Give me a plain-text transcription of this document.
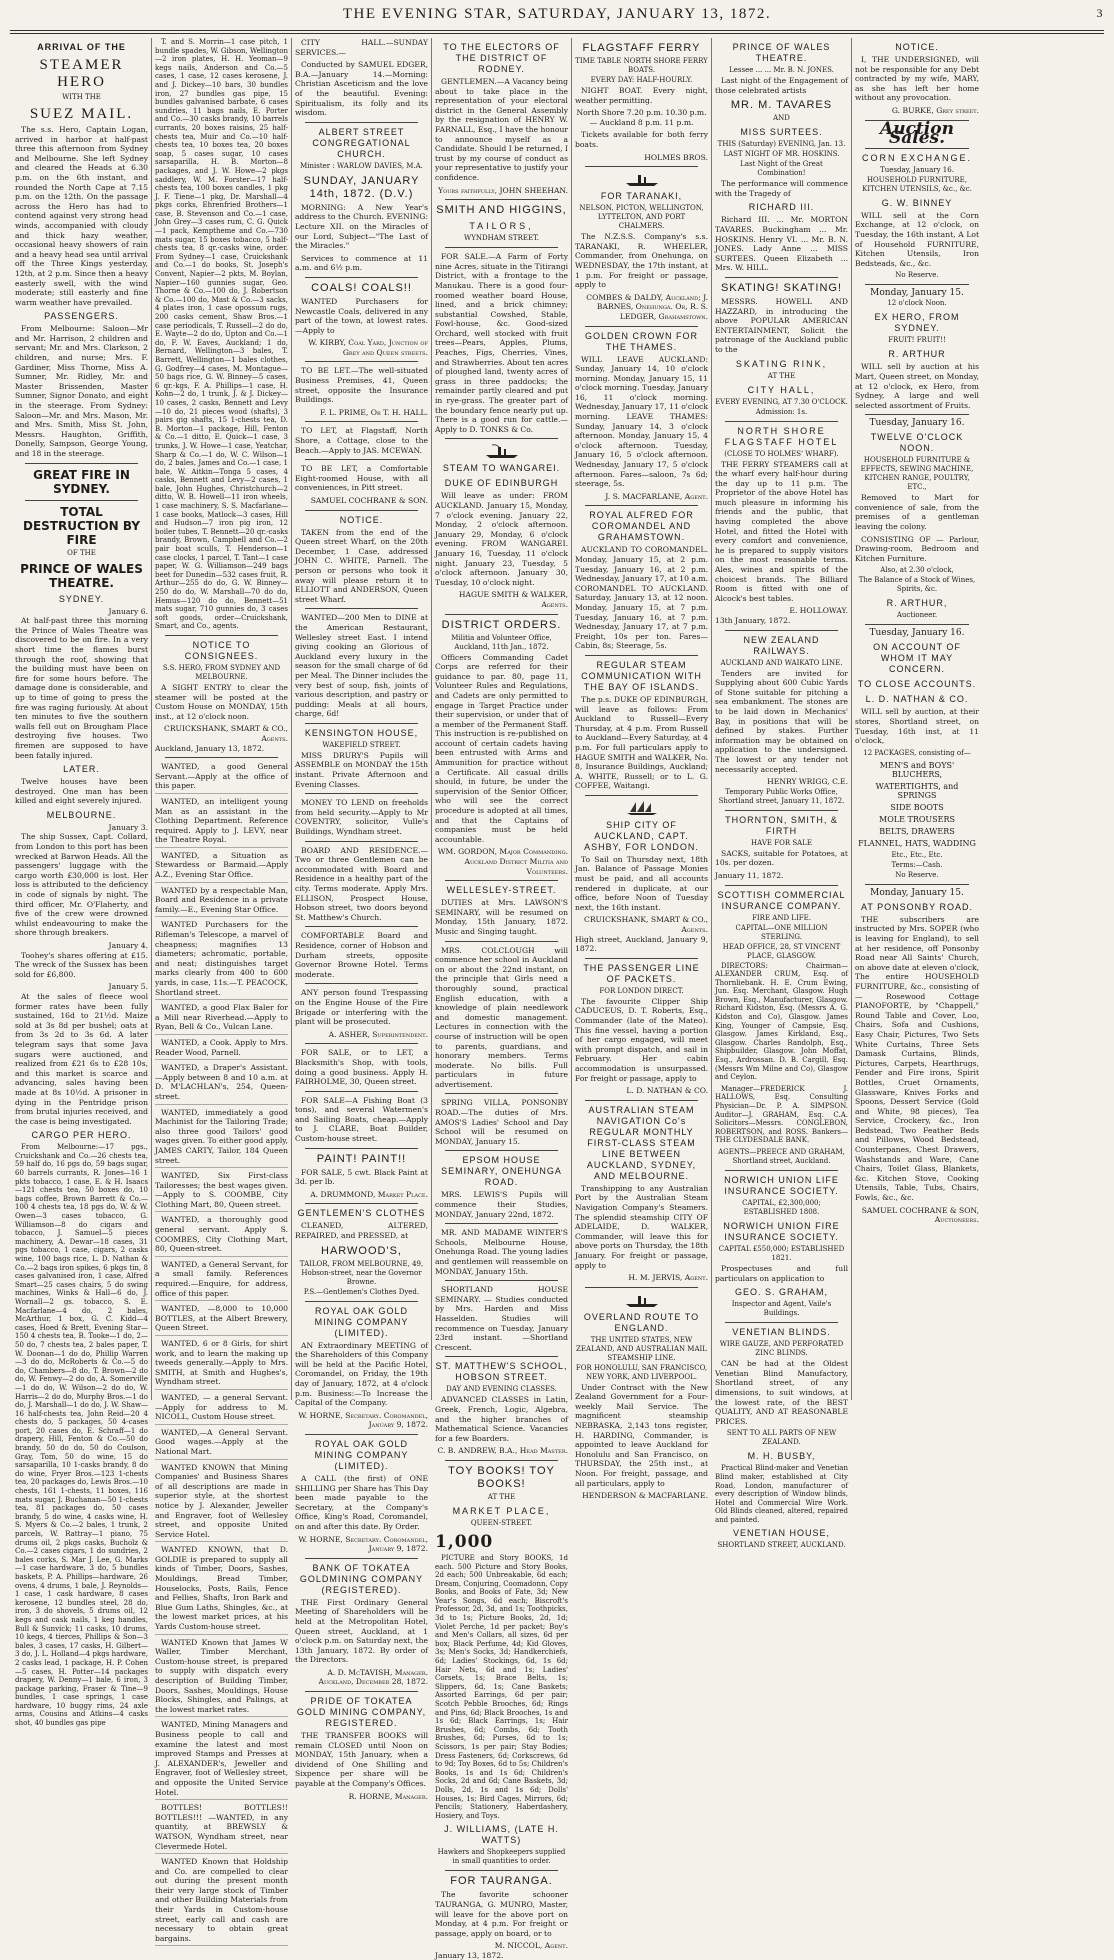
THE EVENING STAR, SATURDAY, JANUARY 13, 1872.	3
ARRIVAL OF THE
STEAMER HERO
WITH THE
SUEZ MAIL.

The s.s. Hero, Captain Logan, arrived in harbor at half-past three this afternoon from Sydney and Melbourne. She left Sydney and cleared the Heads at 6.30 p.m. on the 6th instant, and rounded the North Cape at 7.15 p.m. on the 12th. On the passage across the Hero has had to contend against very strong head winds, accompanied with cloudy and thick hazy weather, occasional heavy showers of rain and a heavy head sea until arrival off the Three Kings yesterday, 12th, at 2 p.m. Since then a heavy easterly swell, with the wind moderate; still easterly and fine warm weather have prevailed.

PASSENGERS.

From Melbourne: Saloon—Mr and Mr. Harrison, 2 children and servant; Mr. and Mrs. Clarkson, 2 children, and nurse; Mrs. F. Gardiner, Miss Thorne, Miss A. Sumner, Mr. Ridley, Mr. and Master Brissenden, Master Sumner, Signor Donato, and eight in the steerage. From Sydney: Saloon—Mr. and Mrs. Mason, Mr. and Mrs. Smith, Miss St. John, Messrs. Haughton, Griffith, Donelly, Sampson, George Young, and 18 in the steerage.

GREAT FIRE IN SYDNEY.
TOTAL DESTRUCTION BY FIRE
OF THE
PRINCE OF WALES THEATRE.
SYDNEY.
January 6.

At half-past three this morning the Prince of Wales Theatre was discovered to be on fire. In a very short time the flames burst through the roof, showing that the building must have been on fire for some hours before. The damage done is considerable, and up to time of going to press the fire was raging furiously. At about ten minutes to five the southern walls fell out on Brougham Place destroying five houses. Two firemen are supposed to have been fatally injured.

LATER.

Twelve houses have been destroyed. One man has been killed and eight severely injured.

MELBOURNE.
January 3.

The ship Sussex, Capt. Collard, from London to this port has been wrecked at Barwon Heads. All the passengers' luggage with the cargo worth £30,000 is lost. Her loss is attributed to the deficiency in code of signals by night. The third officer, Mr. O'Flaherty, and five of the crew were drowned whilst endeavouring to make the shore through breakers.

January 4.

Toohey's shares offering at £15. The wreck of the Sussex has been sold for £6,800.

January 5.

At the sales of fleece wool former rates have been fully sustained, 16d to 21½d. Maize sold at 3s 8d per bushel; oats at from 3s 2d to 3s 6d. A later telegram says that some Java sugars were auctioned, and realized from £21 6s to £28 10s, and this market is scarce and advancing, sales having been made at 8s 10½d. A prisoner in dying in the Pentridge prison from brutal injuries received, and the case is being investigated.

CARGO PER HERO.

From Melbourne:—17 pgs., Cruickshank and Co.—26 chests tea, 59 half do, 16 pgs do, 59 bags sugar, 60 barrels currants, R. Jones—16 1 pkts tobacco, 1 case, E. & H. Isaacs—121 chests tea, 50 boxes do, 10 bags coffee, Brown Barrett & Co.—100 4 chests tea, 18 pgs do, W. & W. Owen—3 cases tobacco, G. Williamson—8 do cigars and tobacco, J. Samuel—5 pieces machinery, A. Dewar—18 cases, 31 pgs tobacco, 1 case, cigars, 2 casks wine, 100 bags rice, L. D. Nathan & Co.—2 bags iron spikes, 6 pkgs tin, 8 cases galvanised iron, 1 case, Alfred Smart—25 cases chairs, 5 do swing machines, Winks & Hall—6 do, J. Wornall—2 gs. tobacco, S. E. Macfarlane—4 do, 2 bales, McArthur, 1 box, G. C. Kidd—4 cases, Hoed & Brett, Evening Star—150 4 chests tea, B. Tooke—1 do, 2—50 do, 7 chests tea, 2 bales paper, T. W. Doonan—1 do do, Phillip Warren—3 do do, McRoberts & Co.—5 do do, Chambers—8 do, T. Brown—2 do do, W. Fenwy—2 do do, A. Somerville—1 do do, W. Wilson—2 do do, W. Harris—2 do do, Murphy Bros.—1 do do, J. Marshall—1 do do, J. W. Shaw—16 half-chests tea, John Reid—20 4 chests do, 5 packages, 50 4-cases port, 20 cases do, E. Schraff—1 do drapery, Hill, Fenton & Co.—50 do brandy, 50 do do, 50 do Coulson, Gray, Tom, 50 do wine, 15 do sarsaparilla, 10 1-casks brandy, 8 do do wine, Fryer Bros.—123 1-chests tea, 20 packages do, Lewis Bros.—10 chests, 161 1-chests, 11 boxes, 116 mats sugar, J. Buchanan—50 1-chests tea, 81 packages do, 50 cases brandy, 5 do wine, 4 casks wine, H. S. Myers & Co.—2 bales, 1 trunk, 2 parcels, W. Rattray—1 piano, 75 drums oil, 2 pkgs casks, Bucholz & Co.—2 cases cigars, 1 do sundries, 2 bales corks, S. Mar J. Lee, G. Marks—1 case hardware, 3 do, 5 bundles baskets, P. A. Phillips—hardware, 26 ovens, 4 drums, 1 bale, J. Reynolds—1 case, 1 cask hardware, 8 cases kerosene, 12 bundles steel, 28 do, iron, 3 do shovels, 5 drums oil, 12 kegs and cask nails, 1 keg handles, Bull & Sunvick; 11 casks, 10 drums, 10 kegs, 4 tierces, Phillips & Son—3 bales, 3 cases, 17 casks, H. Gilbert—3 do, J. L. Holland—4 pkgs hardware, 2 casks lead, 1 package, H. P. Cohen—5 cases, H. Potter—14 packages drapery, W. Denny—1 bale, 6 iron, 3 package parking, Fraser & Tine—9 bundles, 1 case springs, 1 case hardware, 10 buggy rims, 24 axle arms, Cousins and Atkins—4 casks shot, 40 bundles gas pipe

T. and S. Morrin—1 case pitch, 1 bundle spades, W. Gibson, Wellington—2 iron plates, H. H. Yeoman—9 kegs nails, Anderson and Co.—5 cases, 1 case, 12 cases kerosene, J. and J. Dickey—10 bars, 30 bundles iron, 27 bundles gas pipe, 15 bundles galvanised barbate, 6 cases sundries, 11 bags nails, E. Porter and Co.—30 casks brandy, 10 barrels currants, 20 boxes raisins, 25 half-chests tea, Muir and Co.—10 half-chests tea, 10 boxes tea, 20 boxes soap, 5 cases sugar, 10 cases sarsaparilla, H. B. Morton—8 packages, and J. W. Howe—2 pkgs saddlery, W. M. Forster—17 half-chests tea, 100 boxes candles, 1 pkg J. F. Tiene—1 pkg, Dr. Marshall—4 pkgs corks, Ehrenfried Brothers—1 case, B. Stevenson and Co.—1 case, John Grey—3 cases rum, C. G. Quick—1 pack, Kemptheme and Co.—730 mats sugar, 15 boxes tobacco, 5 half-chests tea, 8 qr.-casks wine, order. From Sydney—1 case, Cruickshank and Co.—1 do books, St. Joseph's Convent, Napier—2 pkts, M. Boylan, Napier—160 gunnies sugar, Geo. Thorne & Co.—100 do, J. Robertson & Co.—100 do, Mast & Co.—3 sacks, 4 plates iron, 1 case opossum rugs, 200 casks cement, Shaw Bros.—1 case periodicals, T. Russell—2 do do, E. Wayte—2 do do, Upton and Co.—1 do, F. W. Eaves, Auckland; 1 do, Bernard, Wellington—3 bales, T. Barrett, Wellington—1 bales clothes, G. Godfrey—4 cases, M. Montague—50 bags rice, G. W. Binney—5 cases, 6 qr.-kgs, F. A. Phillips—1 case, H. Kohn—2 do, 1 trunk, J. & J. Dickey—10 cases, 2 casks, Bennett and Levy—10 do, 21 pieces wood (shafts), 3 pairs gig shafts, 15 1-chests tea, D. B. Morton—1 package, Hill, Fenton & Co.—1 ditto, E. Quick—1 case, 3 trunks, J. W. Howe—1 case, Yeatchar, Sharp & Co.—1 do, W. C. Wilson—1 do, 2 bales, James and Co.—1 case, 1 bale, W. Aitkin—Tonga 5 cases, 4 casks, Bennett and Levy—2 cases, 1 bale, John Hughes, Christchurch—2 ditto, W. B. Howell—11 iron wheels, 1 case machinery, S. S. Macfarlane—1 case books, Matlock—3 cases, Hill and Hudson—7 iron pig iron, 12 boiler tubes, T. Bennett—20 qr.-casks brandy, Brown, Campbell and Co.—2 pair boat sculls, T. Henderson—1 case clocks, 1 parcel, T. Tant—1 case paper, W. G. Williamson—249 bags beet for Dunedin—532 cases fruit, R. Arthur—255 do do, G. W. Binney—250 do do, W. Marshall—70 do do, Hemus—120 do do, Bennett—51 mats sugar, 710 gunnies do, 3 cases soft goods, order—Cruickshank, Smart, and Co., agents.

NOTICE TO CONSIGNEES.
S.S. HERO, FROM SYDNEY AND MELBOURNE.

A SIGHT ENTRY to clear the steamer will be posted at the Custom House on MONDAY, 15th inst., at 12 o'clock noon.

CRUICKSHANK, SMART & CO., Agents.
Auckland, January 13, 1872.

WANTED, a good General Servant.—Apply at the office of this paper.

WANTED, an intelligent young Man as an assistant in the Clothing Department. Reference required. Apply to J. LEVY, near the Theatre Royal.

WANTED, a Situation as Stewardess or Barmaid.—Apply A.Z., Evening Star Office.

WANTED by a respectable Man, Board and Residence in a private family.—E., Evening Star Office.

WANTED Purchasers for the Rifleman's Telescope, a marvel of cheapness; magnifies 13 diameters; achromatic, portable, and neat; distinguishes target marks clearly from 400 to 600 yards, in case, 11s.—T. PEACOCK, Shortland street.

WANTED, a good Flax Baler for a Mill near Riverhead.—Apply to Ryan, Bell & Co., Vulcan Lane.

WANTED, a Cook. Apply to Mrs. Reader Wood, Parnell.

WANTED, a Draper's Assistant.—Apply between 8 and 10 a.m. at D. M'LACHLAN's, 254, Queen-street.

WANTED, immediately a good Machinist for the Tailoring Trade; also three good Tailors' good wages given. To either good apply, JAMES CARTY, Tailor, 184 Queen street.

WANTED, Six First-class Tailoresses; the best wages given.—Apply to S. COOMBE, City Clothing Mart, 80, Queen street.

WANTED, a thoroughly good general servant. Apply S. COOMBES, City Clothing Mart, 80, Queen-street.

WANTED, a General Servant, for a small family. References required.—Enquire, for address, office of this paper.

WANTED, —8,000 to 10,000 BOTTLES, at the Albert Brewery, Queen Street.

WANTED, 6 or 8 Girls, for shirt work, and to learn the making up tweeds generally.—Apply to Mrs. SMITH, at Smith and Hughes's, Wyndham street.

WANTED, — a general Servant.—Apply for address to M. NICOLL, Custom House street.

WANTED,—A General Servant. Good wages.—Apply at the National Mart.

WANTED KNOWN that Mining Companies' and Business Shares of all descriptions are made in superior style, at the shortest notice by J. Alexander, Jeweller and Engraver, foot of Wellesley street, and opposite United Service Hotel.

WANTED KNOWN, that D. GOLDIE is prepared to supply all kinds of Timber, Doors, Sashes, Mouldings, Bread Timber, Houselocks, Posts, Rails, Fence and Fellies, Shafts, Iron Bark and Blue Gum Laths, Shingles, &c., at the lowest market prices, at his Yards Custom-house street.

WANTED Known that James W Waller, Timber Merchant, Custom-house street, is prepared to supply with dispatch every description of Building Timber, Doors, Sashes, Mouldings, House Blocks, Shingles, and Palings, at the lowest market rates.

WANTED, Mining Managers and Business people to call and examine the latest and most improved Stamps and Presses at J. ALEXANDER's, Jeweller and Engraver, foot of Wellesley street, and opposite the United Service Hotel.

BOTTLES! BOTTLES!! BOTTLES!!! —WANTED, in any quantity, at BREWSLY & WATSON, Wyndham street, near Clevermede Hotel.

WANTED Known that Holdship and Co. are compelled to clear out during the present month their very large stock of Timber and other Building Materials from their Yards in Custom-house street, early call and cash are necessary to obtain great bargains.

CITY HALL.—SUNDAY SERVICES.—

Conducted by SAMUEL EDGER, B.A.—January 14.—Morning: Christian Asceticism and the love of the beautiful. Evening: Spiritualism, its folly and its wisdom.

ALBERT STREET CONGREGATIONAL CHURCH.
Minister : WARLOW DAVIES, M.A.
SUNDAY, JANUARY 14th, 1872. (D.V.)

MORNING: A New Year's address to the Church. EVENING: Lecture XII. on the Miracles of our Lord, Subject—"The Last of the Miracles."

Services to commence at 11 a.m. and 6½ p.m.

COALS! COALS!!

WANTED Purchasers for Newcastle Coals, delivered in any part of the town, at lowest rates.—Apply to

W. KIRBY, Coal Yard, Junction of Grey and Queen streets.

TO BE LET.—The well-situated Business Premises, 41, Queen street, opposite the Insurance Buildings.

F. L. PRIME, Or T. H. HALL.

TO LET, at Flagstaff, North Shore, a Cottage, close to the Beach.—Apply to JAS. MCEWAN.

TO BE LET, a Comfortable Eight-roomed House, with all conveniences, in Pitt street.

SAMUEL COCHRANE & SON.
NOTICE.

TAKEN from the end of the Queen street Wharf, on the 20th December, 1 Case, addressed JOHN C. WHITE, Parnell. The person or persons who took it away will please return it to ELLIOTT and ANDERSON, Queen street Wharf.

WANTED—200 Men to DINE at the American Restaurant, Wellesley street East. I intend giving cooking an Glorious of Auckland every luxury in the season for the small charge of 6d per Meal. The Dinner includes the very best of soup, fish, joints of various description, and pastry or pudding: Meals at all hours, charge, 6d!

KENSINGTON HOUSE,
WAKEFIELD STREET.

MISS DRURY'S Pupils will ASSEMBLE on MONDAY the 15th instant. Private Afternoon and Evening Classes.

MONEY TO LEND on freeholds from held security.—Apply to Mr COVENTRY, solicitor, Vulle's Buildings, Wyndham street.

BOARD AND RESIDENCE.—Two or three Gentlemen can be accommodated with Board and Residence in a healthy part of the city. Terms moderate. Apply Mrs. ELLISON, Prospect House, Hobson street, two doors beyond St. Matthew's Church.

COMFORTABLE Board and Residence, corner of Hobson and Durham streets, opposite Governor Browne Hotel. Terms moderate.

ANY person found Trespassing on the Engine House of the Fire Brigade or interfering with the plant will be prosecuted.

A. ASHER, Superintendent.

FOR SALE, or to LET, a Blacksmith's Shop, with tools, doing a good business. Apply H. FAIRHOLME, 30, Queen street.

FOR SALE—A Fishing Boat (3 tons), and several Watermen's and Sailing Boats, cheap.—Apply to J. CLARE, Boat Builder, Custom-house street.

PAINT! PAINT!!

FOR SALE, 5 cwt. Black Paint at 3d. per lb.

A. DRUMMOND, Market Place.
GENTLEMEN'S CLOTHES

CLEANED, ALTERED, REPAIRED, and PRESSED, at

HARWOOD'S,
TAILOR, FROM MELBOURNE, 49, Hobson-street, near the Governor Browne.
P.S.—Gentlemen's Clothes Dyed.
ROYAL OAK GOLD MINING COMPANY (LIMITED).

AN Extraordinary MEETING of the Shareholders of this Company will be held at the Pacific Hotel, Coromandel, on Friday, the 19th day of January, 1872, at 4 o'clock p.m. Business:—To Increase the Capital of the Company.

W. HORNE, Secretary. Coromandel, January 9, 1872.
ROYAL OAK GOLD MINING COMPANY (LIMITED).

A CALL (the first) of ONE SHILLING per Share has This Day been made payable to the Secretary, at the Company's Office, King's Road, Coromandel, on and after this date. By Order.

W. HORNE, Secretary. Coromandel, January 9, 1872.
BANK OF TOKATEA GOLDMINING COMPANY (REGISTERED).

THE First Ordinary General Meeting of Shareholders will be held at the Metropolitan Hotel, Queen street, Auckland, at 1 o'clock p.m. on Saturday next, the 13th January, 1872. By order of the Directors.

A. D. McTAVISH, Manager. Auckland, December 28, 1872.
PRIDE OF TOKATEA GOLD MINING COMPANY, REGISTERED.

THE TRANSFER BOOKS will remain CLOSED until Noon on MONDAY, 15th January, when a dividend of One Shilling and Sixpence per share will be payable at the Company's Offices.

R. HORNE, Manager.
TO THE ELECTORS OF THE DISTRICT OF RODNEY.

GENTLEMEN.—A Vacancy being about to take place in the representation of your electoral district in the General Assembly by the resignation of HENRY W. FARNALL, Esq., I have the honour to announce myself as a Candidate. Should I be returned, I trust by my course of conduct as your representative to justify your confidence.

Yours faithfully, JOHN SHEEHAN.
SMITH AND HIGGINS,
TAILORS,
WYNDHAM STREET.

FOR SALE.—A Farm of Forty nine Acres, situate in the Titirangi District, with a frontage to the Manukau. There is a good four-roomed weather board House, lined, and a brick chimney; substantial Cowshed, Stable, Fowl-house, &c. Good-sized Orchard, well stocked with fruit trees—Pears, Apples, Plums, Peaches, Figs, Cherries, Vines, and Strawberries. About ten acres of ploughed land, twenty acres of grass in three paddocks; the remainder partly cleared and put in rye-grass. The greater part of the boundary fence nearly put up. There is a good run for cattle.—Apply to D. TONKS & Co.

STEAM TO WANGAREI.
DUKE OF EDINBURGH

Will leave as under: FROM AUCKLAND. January 15, Monday, 7 o'clock evening. January 22, Monday, 2 o'clock afternoon. January 29, Monday, 6 o'clock evening. FROM WANGAREI. January 16, Tuesday, 11 o'clock night. January 23, Tuesday, 5 o'clock afternoon. January 30, Tuesday, 10 o'clock night.

HAGUE SMITH & WALKER, Agents.
DISTRICT ORDERS.
Militia and Volunteer Office, Auckland, 11th Jan., 1872.

Officers Commanding Cadet Corps are referred for their guidance to par. 80, page 11, Volunteer Rules and Regulations, and Cadets are only permitted to engage in Target Practice under their supervision, or under that of a member of the Permanent Staff. This instruction is re-published on account of certain cadets having been entrusted with Arms and Ammunition for practice without a Certificate. All casual drills should, in future, be under the supervision of the Senior Officer, who will see the correct procedure is adopted at all times, and that the Captains of companies must be held accountable.

WM. GORDON, Major Commanding. Auckland District Militia and Volunteers.
WELLESLEY-STREET.

DUTIES at Mrs. LAWSON'S SEMINARY, will be resumed on Monday, 15th January, 1872. Music and Singing taught.

MRS. COLCLOUGH will commence her school in Auckland on or about the 22nd instant, on the principle that Girls need a thoroughly sound, practical English education, with a knowledge of plain needlework and domestic management. Lectures in connection with the course of instruction will be open to parents, guardians, and honorary members. Terms moderate. No bills. Full particulars in future advertisement.

SPRING VILLA, PONSONBY ROAD.—The duties of Mrs. AMOS'S Ladies' School and Day School will be resumed on MONDAY, January 15.

EPSOM HOUSE SEMINARY, ONEHUNGA ROAD.

MRS. LEWIS'S Pupils will commence their Studies, MONDAY, January 22nd, 1872.

MR. AND MADAME WINTER'S Schools, Melbourne House, Onehunga Road. The young ladies and gentlemen will reassemble on MONDAY, January 15th.

SHORTLAND HOUSE SEMINARY. — Studies conducted by Mrs. Harden and Miss Hasselden. Studies will recommence on Tuesday, January 23rd instant. —Shortland Crescent.

ST. MATTHEW'S SCHOOL, HOBSON STREET.
DAY AND EVENING CLASSES.

ADVANCED CLASSES in Latin, Greek, French, Logic, Algebra, and the higher branches of Mathematical Science. Vacancies for a few Boarders.

C. B. ANDREW, B.A., Head Master.
TOY BOOKS! TOY BOOKS!
AT THE
MARKET PLACE,
QUEEN-STREET.
1,000

PICTURE and Story BOOKS, 1d each. 500 Picture and Story Books, 2d each; 500 Unbreakable, 6d each; Dream, Conjuring, Coomadonn, Copy Books, and Books of Fate, 3d; New Year's Songs, 6d each; Biscroft's Professor, 2d, 3d, and 1s; Toothpicks, 3d to 1s; Picture Books, 2d, 1d; Violet Perche, 1d per packet; Boy's and Men's Collars, all sizes, 6d per box; Black Perfume, 4d; Kid Gloves, 3s; Men's Socks, 3d; Handkerchiefs, 6d; Ladies' Stockings, 6d, 1s 6d; Hair Nets, 6d and 1s; Ladies' Corsets, 1s; Brace Belts, 1s; Slippers, 6d, 1s; Cane Baskets; Assorted Earrings, 6d per pair; Scotch Pebble Brooches, 6d; Rings and Pins, 6d; Black Brooches, 1s and 1s 6d; Black Earrings, 1s; Hair Brushes, 6d; Combs, 6d; Tooth Brushes, 6d; Purses, 6d to 1s; Scissors, 1s per pair; Stay Bodies; Dress Fasteners, 6d; Corkscrews, 6d to 9d; Toy Boxes, 6d to 5s; Children's Books, 1s and 1s 6d; Children's Socks, 2d and 6d; Cane Baskets, 3d; Dolls, 2d, 1s and 1s 6d; Dolls' Houses, 1s; Bird Cages, Mirrors, 6d; Pencils; Stationery, Haberdashery, Hosiery, and Toys.

J. WILLIAMS, (LATE H. WATTS)
Hawkers and Shopkeepers supplied in small quantities to order.
FOR TAURANGA.

The favorite schooner TAURANGA, G. MUNRO, Master, will leave for the above port on Monday, at 4 p.m. For freight or passage, apply on board, or to

M. NICCOL, Agent.
January 13, 1872.
FLAGSTAFF FERRY
TIME TABLE NORTH SHORE FERRY BOATS.
EVERY DAY: HALF-HOURLY.

NIGHT BOAT. Every night, weather permitting.

North Shore 7.20 p.m. 10.30 p.m. — Auckland 8 p.m. 11 p.m.

Tickets available for both ferry boats.

HOLMES BROS.
FOR TARANAKI,
NELSON, PICTON, WELLINGTON, LYTTELTON, AND PORT CHALMERS.

The N.Z.S.S. Company's s.s. TARANAKI, R. WHEELER, Commander, from Onehunga, on WEDNESDAY, the 17th instant, at 1 p.m. For freight or passage, apply to

COMBES & DALDY, Auckland; J. BARNES, Onehunga. Or, R. S. LEDGER, Grahamstown.
GOLDEN CROWN FOR THE THAMES.

WILL LEAVE AUCKLAND: Sunday, January 14, 10 o'clock morning. Monday, January 15, 11 o'clock morning. Tuesday, January 16, 11 o'clock morning. Wednesday, January 17, 11 o'clock morning. LEAVE THAMES: Sunday, January 14, 3 o'clock afternoon. Monday, January 15, 4 o'clock afternoon. Tuesday, January 16, 5 o'clock afternoon. Wednesday, January 17, 5 o'clock afternoon. Fares—saloon, 7s 6d; steerage, 5s.

J. S. MACFARLANE, Agent.
ROYAL ALFRED FOR COROMANDEL AND GRAHAMSTOWN.

AUCKLAND TO COROMANDEL. Monday, January 15, at 2 p.m. Tuesday, January 16, at 2 p.m. Wednesday, January 17, at 10 a.m. COROMANDEL TO AUCKLAND. Saturday, January 13, at 12 noon. Monday, January 15, at 7 p.m. Tuesday, January 16, at 7 p.m. Wednesday, January 17, at 7 p.m. Freight, 10s per ton. Fares—Cabin, 8s; Steerage, 5s.

REGULAR STEAM COMMUNICATION WITH THE BAY OF ISLANDS.

The p.s. DUKE OF EDINBURGH, will leave as follows: From Auckland to Russell—Every Thursday, at 4 p.m. From Russell to Auckland—Every Saturday, at 4 p.m. For full particulars apply to HAGUE SMITH and WALKER, No. 8, Insurance Buildings, Auckland; A. WHITE, Russell; or to L. G. COFFEE, Waitangi.

SHIP CITY OF AUCKLAND, CAPT. ASHBY, FOR LONDON.

To Sail on Thursday next, 18th Jan. Balance of Passage Monies must be paid, and all accounts rendered in duplicate, at our office, before Noon of Tuesday next, the 16th instant.

CRUICKSHANK, SMART & CO., Agents.
High street, Auckland, January 9, 1872.
THE PASSENGER LINE OF PACKETS.
FOR LONDON DIRECT.

The favourite Clipper Ship CADUCEUS, D. T. Roberts, Esq., Commander (late of the Mateo). This fine vessel, having a portion of her cargo engaged, will meet with prompt dispatch, and sail in February. Her cabin accommodation is unsurpassed. For freight or passage, apply to

L. D. NATHAN & CO.
AUSTRALIAN STEAM NAVIGATION Co's REGULAR MONTHLY FIRST-CLASS STEAM LINE BETWEEN AUCKLAND, SYDNEY, AND MELBOURNE.

Transhipping to any Australian Port by the Australian Steam Navigation Company's Steamers. The splendid steamship CITY OF ADELAIDE, D. WALKER, Commander, will leave this for above ports on Thursday, the 18th January. For freight or passage, apply to

H. M. JERVIS, Agent.
OVERLAND ROUTE TO ENGLAND.
THE UNITED STATES, NEW ZEALAND, AND AUSTRALIAN MAIL STEAMSHIP LINE.
FOR HONOLULU, SAN FRANCISCO, NEW YORK, AND LIVERPOOL.

Under Contract with the New Zealand Government for a Four-weekly Mail Service. The magnificent steamship NEBRASKA, 2,143 tons register, H. HARDING, Commander, is appointed to leave Auckland for Honolulu and San Francisco, on THURSDAY, the 25th inst., at Noon. For freight, passage, and all particulars, apply to

HENDERSON & MACFARLANE.
PRINCE OF WALES THEATRE.
Lessee ... ... Mr. B. N. JONES.

Last night of the Engagement of those celebrated artists

MR. M. TAVARES
AND
MISS SURTEES.
THIS (Saturday) EVENING, Jan. 13.
LAST NIGHT OF MR. HOSKINS.
Last Night of the Great Combination!

The performance will commence with the Tragedy of

RICHARD III.

Richard III. ... Mr. MORTON TAVARES. Buckingham ... Mr. HOSKINS. Henry VI. ... Mr. B. N. JONES. Lady Anne ... MISS SURTEES. Queen Elizabeth ... Mrs. W. HILL.

SKATING! SKATING!

MESSRS. HOWELL AND HAZZARD, in introducing the above POPULAR AMERICAN ENTERTAINMENT, Solicit the patronage of the Auckland public to the

SKATING RINK,
AT THE
CITY HALL,
EVERY EVENING, AT 7.30 O'CLOCK.
Admission: 1s.
NORTH SHORE FLAGSTAFF HOTEL
(CLOSE TO HOLMES' WHARF).

THE FERRY STEAMERS call at the wharf every half-hour during the day up to 11 p.m. The Proprietor of the above Hotel has much pleasure in informing his friends and the public, that having completed the above Hotel, and fitted the Hotel with every comfort and convenience, he is prepared to supply visitors on the most reasonable terms. Ales, wines and spirits of the choicest brands. The Billiard Room is fitted with one of Alcock's best tables.

E. HOLLOWAY.
13th January, 1872.
NEW ZEALAND RAILWAYS.
AUCKLAND AND WAIKATO LINE.

Tenders are invited for Supplying about 600 Cubic Yards of Stone suitable for pitching a sea embankment. The stones are to be laid down in Mechanics' Bay, in positions that will be defined by stakes. Further information may be obtained on application to the undersigned. The lowest or any tender not necessarily accepted.

HENRY WRIGG, C.E.
Temporary Public Works Office, Shortland street, January 11, 1872.
THORNTON, SMITH, & FIRTH
HAVE FOR SALE

SACKS, suitable for Potatoes, at 10s. per dozen.

January 11, 1872.
SCOTTISH COMMERCIAL INSURANCE COMPANY.
FIRE AND LIFE.
CAPITAL—ONE MILLION STERLING.
HEAD OFFICE, 28, ST VINCENT PLACE, GLASGOW.

DIRECTORS: Chairman—ALEXANDER CRUM, Esq. of Thornliebank. H. E. Crum Ewing, Jun. Esq. Merchant, Glasgow. Hugh Brown, Esq., Manufacturer, Glasgow. Richard Kidston, Esq. (Messrs A. G. Kidston and Co), Glasgow. James King, Younger of Campsie, Esq. Glasgow. James Kirkland, Esq., Glasgow. Charles Randolph, Esq., Shipbuilder, Glasgow. John Moffat, Esq., Ardrossan. D. B. Cargill, Esq. (Messrs Wm Milne and Co), Glasgow and Ceylon.

Manager—FREDERICK J. HALLOWS, Esq. Consulting Physician—Dr. P. A. SIMPSON. Auditor—J. GRAHAM, Esq. C.A. Solicitors—Messrs. CONGLEBON, ROBERTSON, and ROSS. Bankers—THE CLYDESDALE BANK.

AGENTS—PREECE AND GRAHAM, Shortland street, Auckland.
NORWICH UNION LIFE INSURANCE SOCIETY.
CAPITAL, £2,300,000; ESTABLISHED 1808.
NORWICH UNION FIRE INSURANCE SOCIETY.
CAPITAL £550,000; ESTABLISHED 1821.

Prospectuses and full particulars on application to

GEO. S. GRAHAM,
Inspector and Agent, Vaile's Buildings.
VENETIAN BLINDS.
WIRE GAUZE, AND PERFORATED ZINC BLINDS.

CAN be had at the Oldest Venetian Blind Manufactory, Shortland street, of any dimensions, to suit windows, at the lowest rate, of the BEST QUALITY, AND AT REASONABLE PRICES.

SENT TO ALL PARTS OF NEW ZEALAND.
M. H. BUSBY,

Practical Blind-maker and Venetian Blind maker, established at City Road, London, manufacturer of every description of Window blinds, Hotel and Commercial Wire Work. Old Blinds cleaned, altered, repaired and painted.

VENETIAN HOUSE,
SHORTLAND STREET, AUCKLAND.
NOTICE.

I, THE UNDERSIGNED, will not be responsible for any Debt contracted by my wife, MARY, as she has left her home without any provocation.

G. BURKE, Grey street.
Auction Sales.
CORN EXCHANGE.
Tuesday, January 16.
HOUSEHOLD FURNITURE, KITCHEN UTENSILS, &c., &c.
G. W. BINNEY

WILL sell at the Corn Exchange, at 12 o'clock, on Tuesday, the 16th instant, A Lot of Household FURNITURE, Kitchen Utensils, Iron Bedsteads, &c., &c.

No Reserve.
Monday, January 15.
12 o'clock Noon.
EX HERO, FROM SYDNEY.
FRUIT! FRUIT!!
R. ARTHUR

WILL sell by auction at his Mart, Queen street, on Monday, at 12 o'clock, ex Hero, from Sydney, A large and well selected assortment of Fruits.

Tuesday, January 16.
TWELVE O'CLOCK NOON.
HOUSEHOLD FURNITURE & EFFECTS, SEWING MACHINE, KITCHEN RANGE, POULTRY, ETC.,

Removed to Mart for convenience of sale, from the premises of a gentleman leaving the colony.

CONSISTING OF — Parlour, Drawing-room, Bedroom and Kitchen Furniture.

Also, at 2.30 o'clock,
The Balance of a Stock of Wines, Spirits, &c.
R. ARTHUR,
Auctioneer.
Tuesday, January 16.
ON ACCOUNT OF WHOM IT MAY CONCERN.
TO CLOSE ACCOUNTS.
L. D. NATHAN & CO.

WILL sell by auction, at their stores, Shortland street, on Tuesday, 16th inst, at 11 o'clock,

12 PACKAGES, consisting of—
MEN'S and BOYS' BLUCHERS,
WATERTIGHTS, and SPRINGS
SIDE BOOTS
MOLE TROUSERS
BELTS, DRAWERS
FLANNEL, HATS, WADDING
Etc., Etc., Etc.
Terms:—Cash.
No Reserve.
Monday, January 15.
AT PONSONBY ROAD.

THE subscribers are instructed by Mrs. SOPER (who is leaving for England), to sell at her residence, off Ponsonby Road near All Saints' Church, on above date at eleven o'clock, The entire HOUSEHOLD FURNITURE, &c., consisting of— Rosewood Cottage PIANOFORTE, by "Chappell," Round Table and Cover, Loo, Chairs, Sofa and Cushions, Easy Chair, Pictures, Two Sets White Curtains, Three Sets Damask Curtains, Blinds, Pictures, Carpets, Hearthrugs, Fender and Fire irons, Spirit Bottles, Cruet Ornaments, Glassware, Knives Forks and Spoons, Dessert Service (Gold and White, 98 pieces), Tea Service, Crockery, &c., Iron Bedstead, Two Feather Beds and Pillows, Wood Bedstead, Counterpanes, Chest Drawers, Washstands and Ware, Cane Chairs, Toilet Glass, Blankets, &c. Kitchen Stove, Cooking Utensils, Table, Tubs, Chairs, Fowls, &c., &c.

SAMUEL COCHRANE & SON, Auctioneers.
